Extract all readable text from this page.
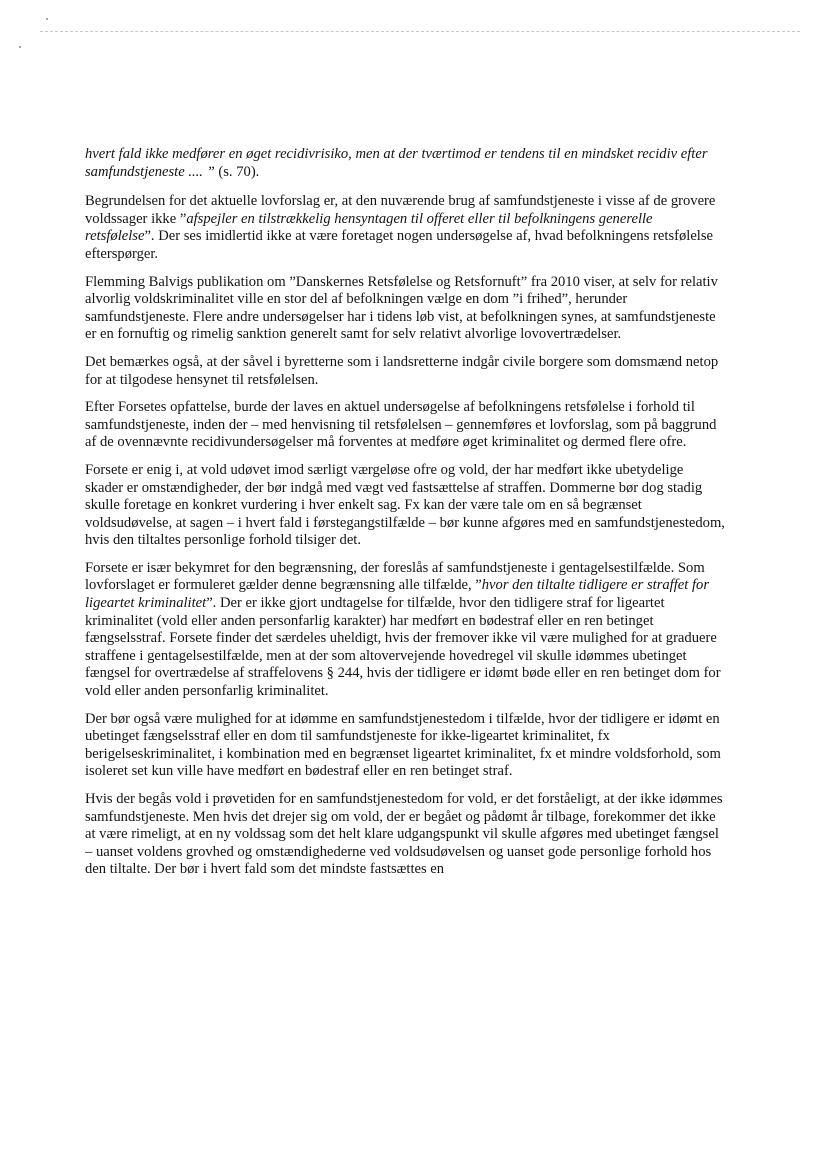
hvert fald ikke medfører en øget recidivrisiko, men at der tværtimod er tendens til en mindsket recidiv efter samfundstjeneste .... ” (s. 70).

Begrundelsen for det aktuelle lovforslag er, at den nuværende brug af samfundstjeneste i visse af de grovere voldssager ikke ”afspejler en tilstrækkelig hensyntagen til offeret eller til befolkningens generelle retsfølelse”. Der ses imidlertid ikke at være foretaget nogen undersøgelse af, hvad befolkningens retsfølelse efterspørger.

Flemming Balvigs publikation om ”Danskernes Retsfølelse og Retsfornuft” fra 2010 viser, at selv for relativ alvorlig voldskriminalitet ville en stor del af befolkningen vælge en dom ”i frihed”, herunder samfundstjeneste. Flere andre undersøgelser har i tidens løb vist, at befolkningen synes, at samfundstjeneste er en fornuftig og rimelig sanktion generelt samt for selv relativt alvorlige lovovertrædelser.

Det bemærkes også, at der såvel i byretterne som i landsretterne indgår civile borgere som domsmænd netop for at tilgodese hensynet til retsfølelsen.

Efter Forsetes opfattelse, burde der laves en aktuel undersøgelse af befolkningens retsfølelse i forhold til samfundstjeneste, inden der – med henvisning til retsfølelsen – gennemføres et lovforslag, som på baggrund af de ovennævnte recidivundersøgelser må forventes at medføre øget kriminalitet og dermed flere ofre.

Forsete er enig i, at vold udøvet imod særligt værgeløse ofre og vold, der har medført ikke ubetydelige skader er omstændigheder, der bør indgå med vægt ved fastsættelse af straffen. Dommerne bør dog stadig skulle foretage en konkret vurdering i hver enkelt sag. Fx kan der være tale om en så begrænset voldsudøvelse, at sagen – i hvert fald i førstegangstilfælde – bør kunne afgøres med en samfundstjenestedom, hvis den tiltaltes personlige forhold tilsiger det.

Forsete er især bekymret for den begrænsning, der foreslås af samfundstjeneste i gentagelsestilfælde. Som lovforslaget er formuleret gælder denne begrænsning alle tilfælde, ”hvor den tiltalte tidligere er straffet for ligeartet kriminalitet”. Der er ikke gjort undtagelse for tilfælde, hvor den tidligere straf for ligeartet kriminalitet (vold eller anden personfarlig karakter) har medført en bødestraf eller en ren betinget fængselsstraf. Forsete finder det særdeles uheldigt, hvis der fremover ikke vil være mulighed for at graduere straffene i gentagelsestilfælde, men at der som altovervejende hovedregel vil skulle idømmes ubetinget fængsel for overtrædelse af straffelovens § 244, hvis der tidligere er idømt bøde eller en ren betinget dom for vold eller anden personfarlig kriminalitet.

Der bør også være mulighed for at idømme en samfundstjenestedom i tilfælde, hvor der tidligere er idømt en ubetinget fængselsstraf eller en dom til samfundstjeneste for ikke-ligeartet kriminalitet, fx berigelseskriminalitet, i kombination med en begrænset ligeartet kriminalitet, fx et mindre voldsforhold, som isoleret set kun ville have medført en bødestraf eller en ren betinget straf.

Hvis der begås vold i prøvetiden for en samfundstjenestedom for vold, er det forståeligt, at der ikke idømmes samfundstjeneste. Men hvis det drejer sig om vold, der er begået og pådømt år tilbage, forekommer det ikke at være rimeligt, at en ny voldssag som det helt klare udgangspunkt vil skulle afgøres med ubetinget fængsel – uanset voldens grovhed og omstændighederne ved voldsudøvelsen og uanset gode personlige forhold hos den tiltalte. Der bør i hvert fald som det mindste fastsættes en
